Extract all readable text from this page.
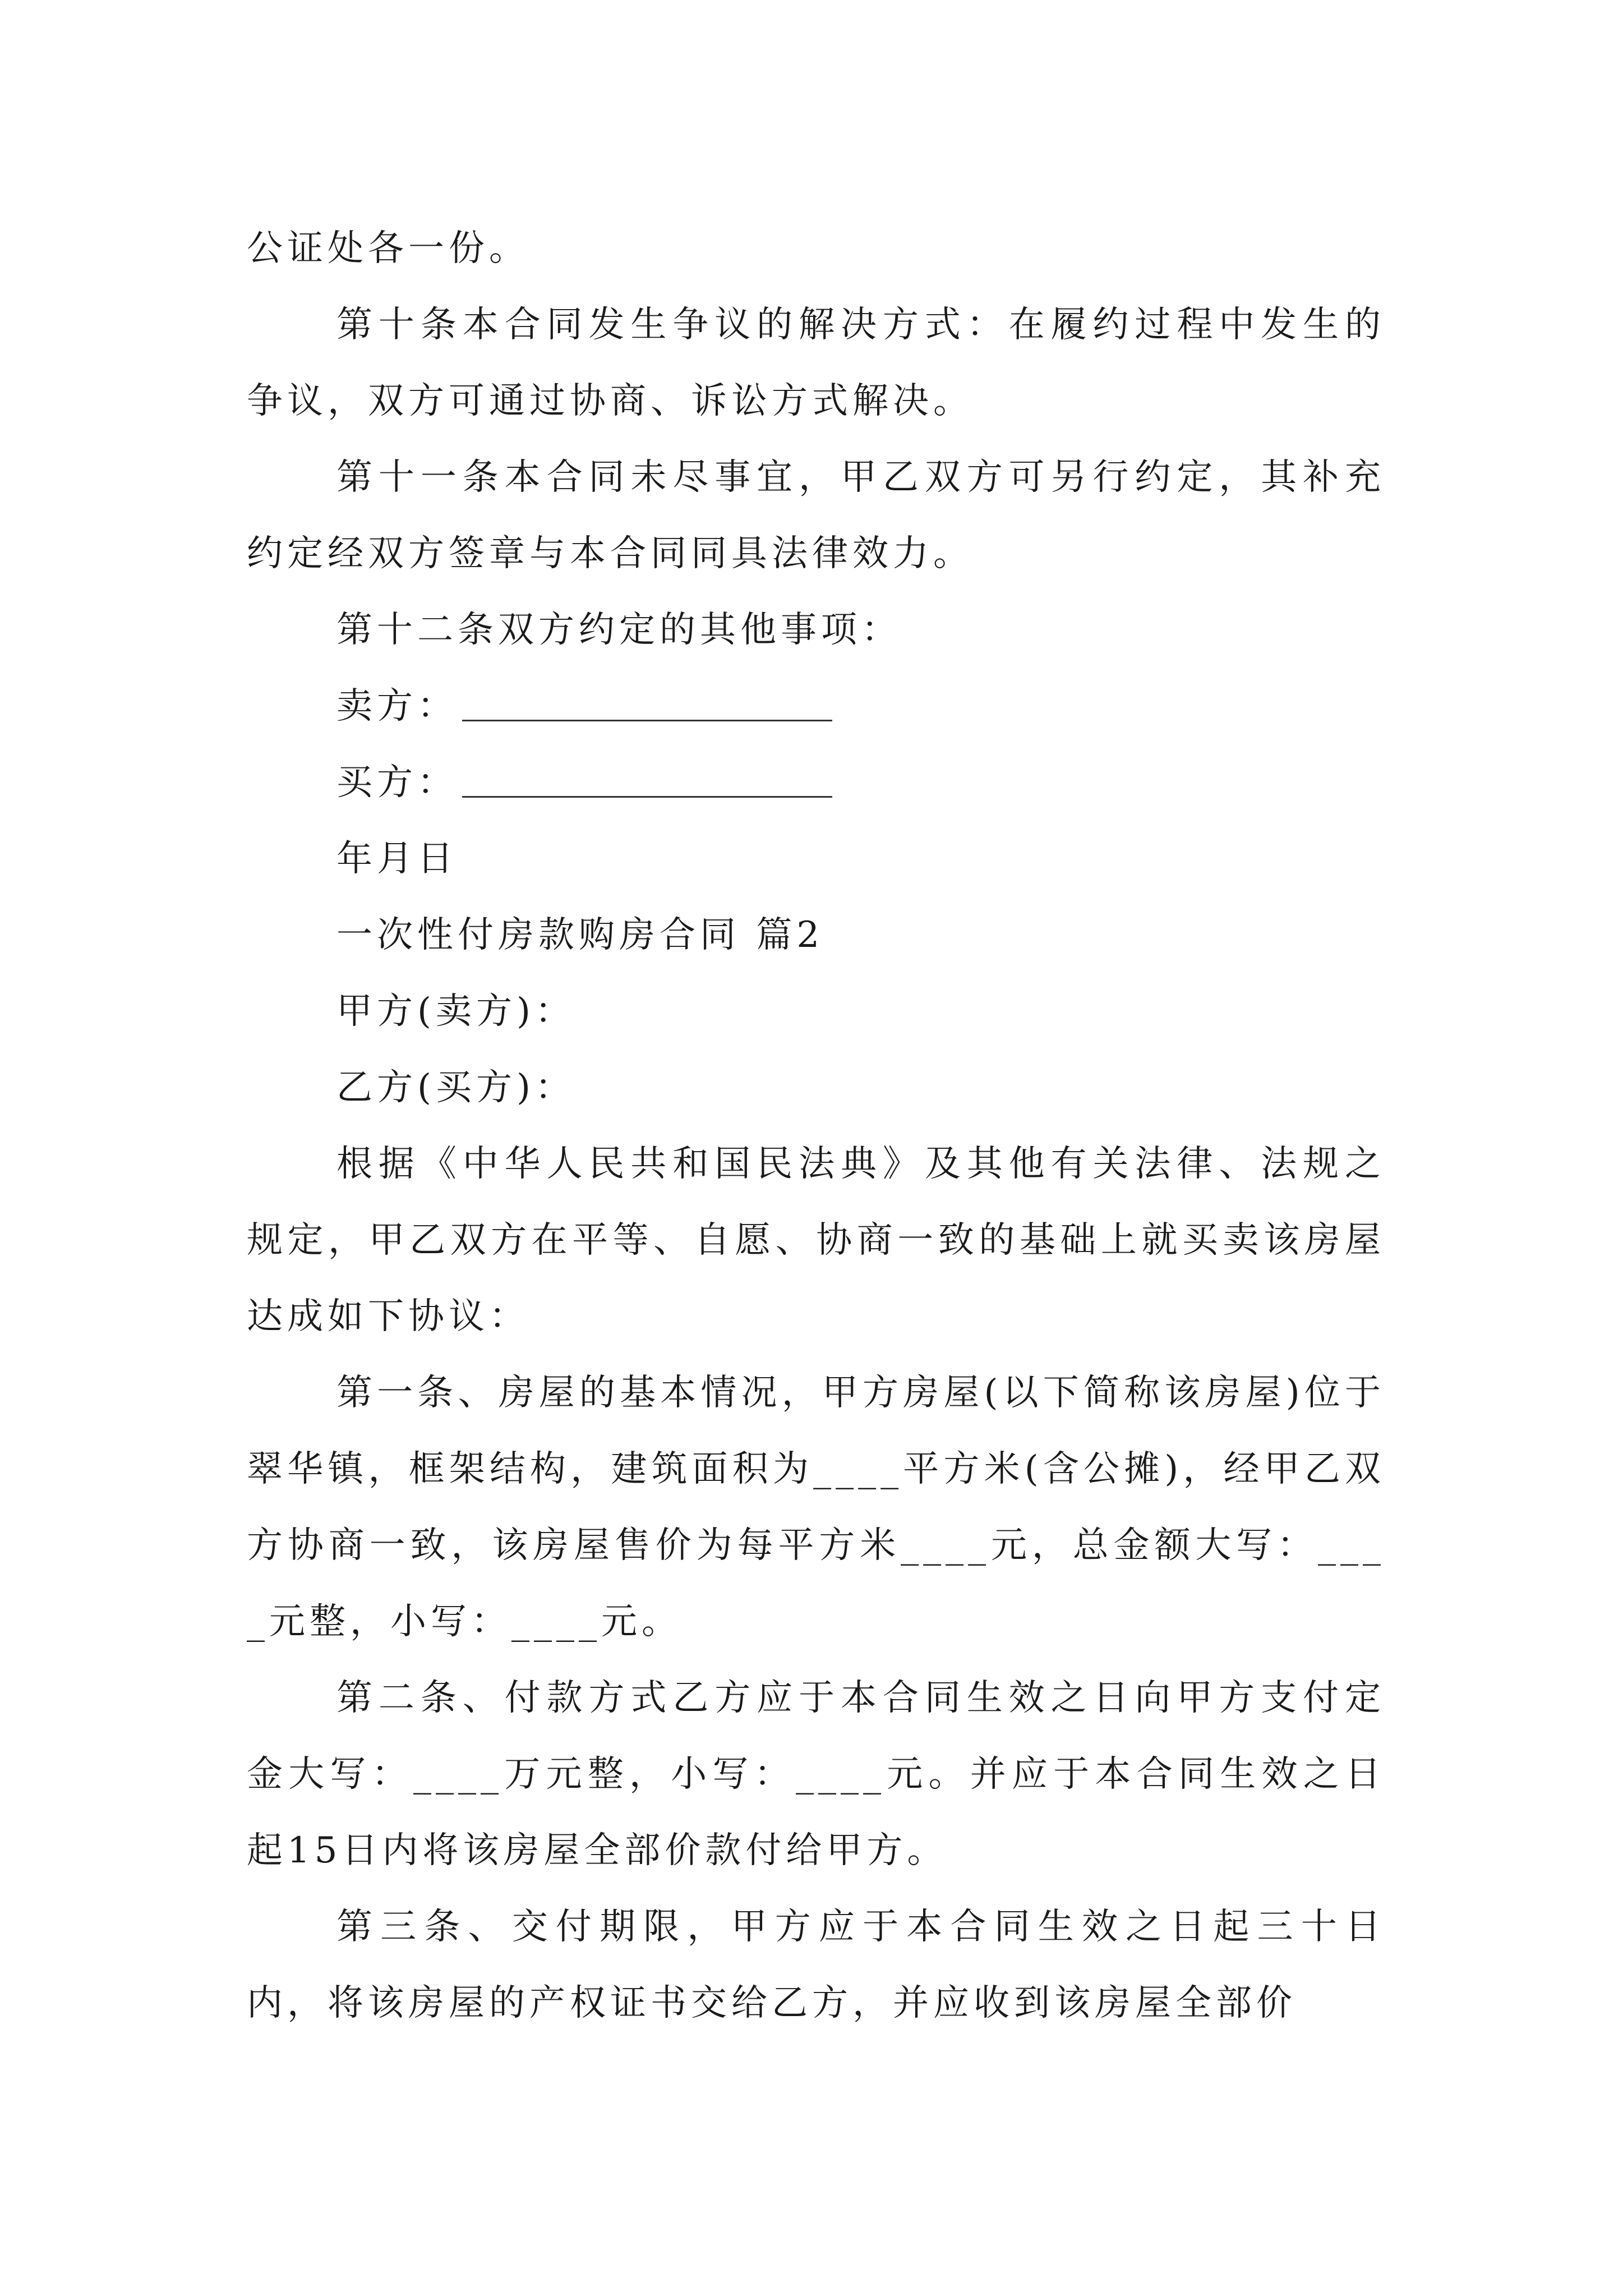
公证处各一份。

第十条本合同发生争议的解决方式：在履约过程中发生的争议，双方可通过协商、诉讼方式解决。

第十一条本合同未尽事宜，甲乙双方可另行约定，其补充约定经双方签章与本合同同具法律效力。

第十二条双方约定的其他事项：

卖方：

买方：

年月日

一次性付房款购房合同 篇2

甲方(卖方)：

乙方(买方)：

根据《中华人民共和国民法典》及其他有关法律、法规之规定，甲乙双方在平等、自愿、协商一致的基础上就买卖该房屋达成如下协议：

第一条、房屋的基本情况，甲方房屋(以下简称该房屋)位于翠华镇，框架结构，建筑面积为____平方米(含公摊)，经甲乙双方协商一致，该房屋售价为每平方米____元，总金额大写：____元整，小写：____元。

第二条、付款方式乙方应于本合同生效之日向甲方支付定金大写：____万元整，小写：____元。并应于本合同生效之日起15日内将该房屋全部价款付给甲方。

第三条、交付期限，甲方应于本合同生效之日起三十日内，将该房屋的产权证书交给乙方，并应收到该房屋全部价
